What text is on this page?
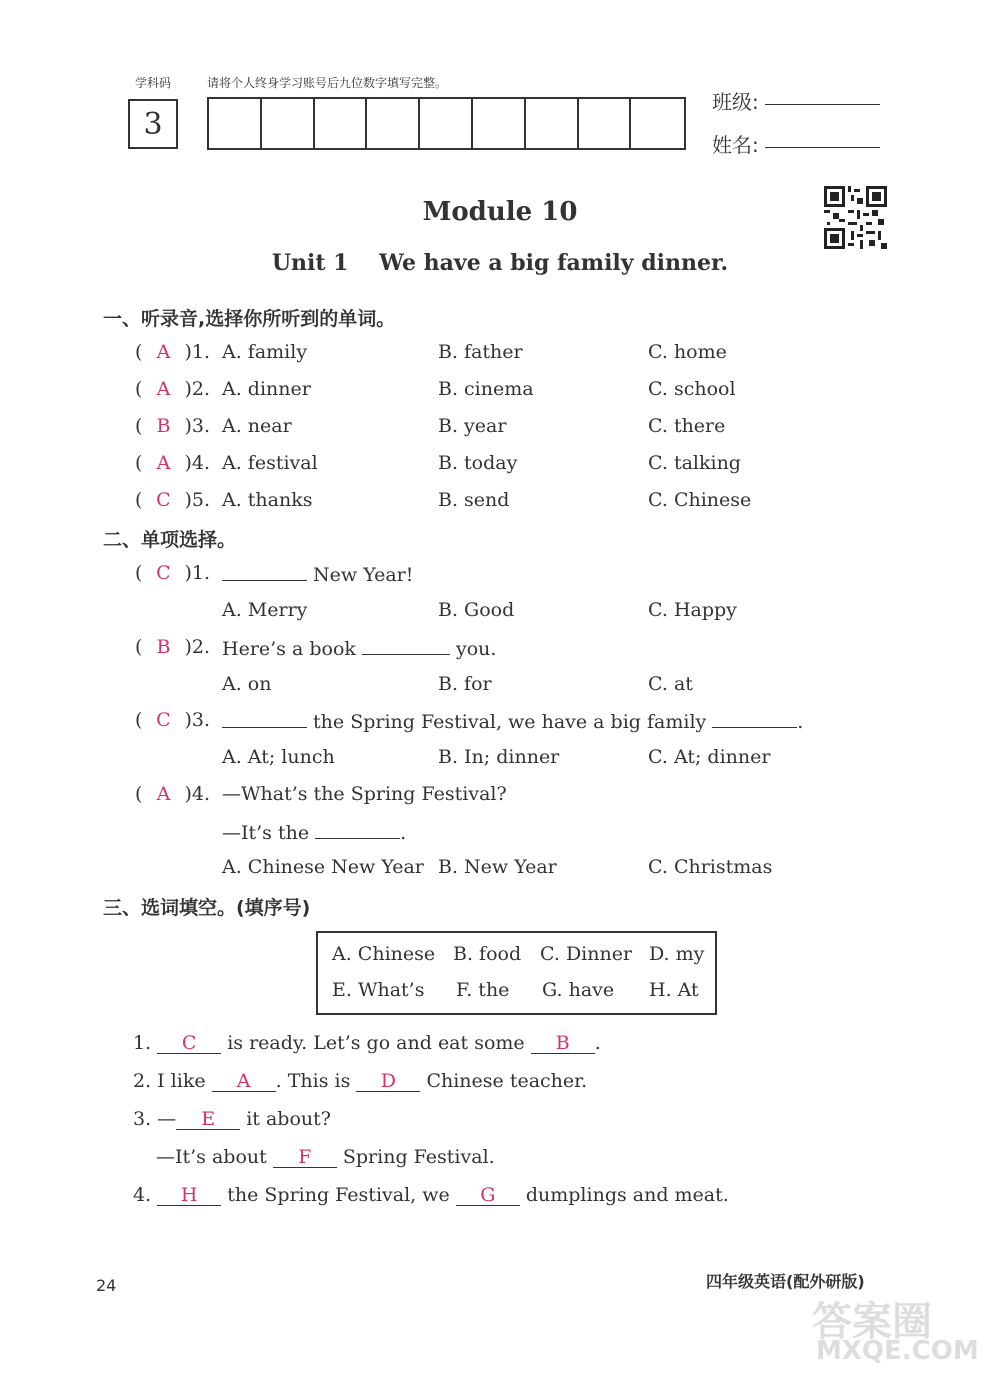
学科码	请将个人终身学习账号后九位数字填写完整。
3
班级:
姓名:
Module 10
Unit 1    We have a big family dinner.
一、听录音,选择你所听到的单词。
( A )1. A. family	B. father	C. home
( A )2. A. dinner	B. cinema	C. school
( B )3. A. near	B. year	C. there
( A )4. A. festival	B. today	C. talking
( C )5. A. thanks	B. send	C. Chinese
二、单项选择。
( C )1.	New Year!
A. Merry	B. Good	C. Happy
( B )2. Here’s a book	you.
A. on	B. for	C. at
( C )3.	the Spring Festival, we have a big family	.
A. At; lunch	B. In; dinner	C. At; dinner
( A )4. —What’s the Spring Festival?
—It’s the	.
A. Chinese New Year B. New Year	C. Christmas
三、选词填空。(填序号)
A. Chinese B. food C. Dinner D. my
E. What’s F. the G. have H. At
1. C is ready. Let’s go and eat some B .
2. I like A . This is D Chinese teacher.
3. — E it about?
—It’s about F Spring Festival.
4. H the Spring Festival, we G dumplings and meat.
24	四年级英语(配外研版)
答案圈
MXQE.COM
